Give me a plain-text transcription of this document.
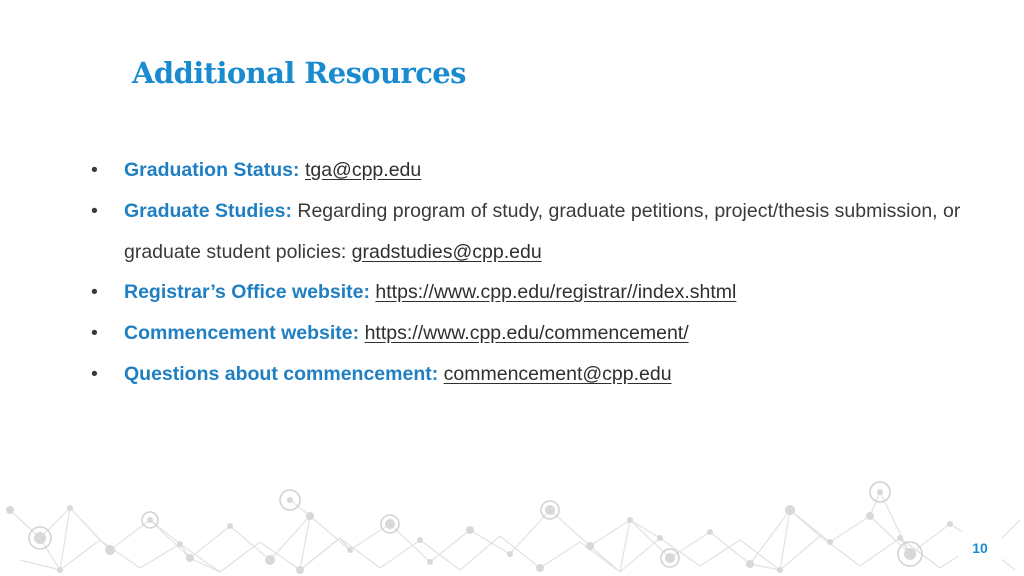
Additional Resources
• Graduation Status: tga@cpp.edu
• Graduate Studies: Regarding program of study, graduate petitions, project/thesis submission, or graduate student policies: gradstudies@cpp.edu
• Registrar’s Office website: https://www.cpp.edu/registrar//index.shtml
• Commencement website: https://www.cpp.edu/commencement/
• Questions about commencement: commencement@cpp.edu
10
